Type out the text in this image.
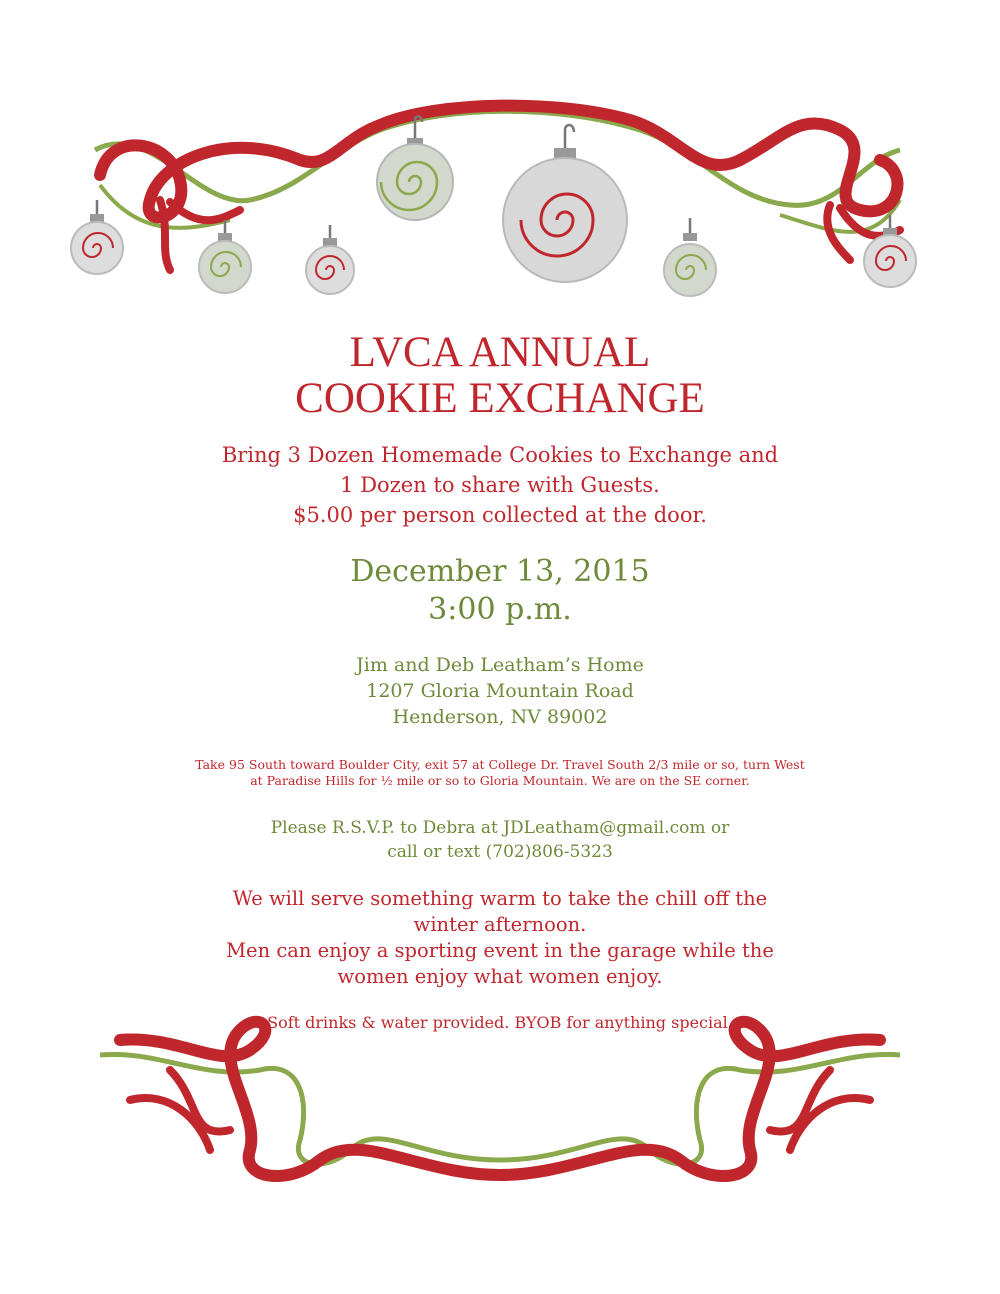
LVCA ANNUAL
COOKIE EXCHANGE
Bring 3 Dozen Homemade Cookies to Exchange and
1 Dozen to share with Guests.
$5.00 per person collected at the door.
December 13, 2015
3:00 p.m.
Jim and Deb Leatham’s Home
1207 Gloria Mountain Road
Henderson, NV 89002
Take 95 South toward Boulder City, exit 57 at College Dr. Travel South 2/3 mile or so, turn West
at Paradise Hills for ½ mile or so to Gloria Mountain. We are on the SE corner.
Please R.S.V.P. to Debra at JDLeatham@gmail.com or
call or text (702)806-5323
We will serve something warm to take the chill off the
winter afternoon.
Men can enjoy a sporting event in the garage while the
women enjoy what women enjoy.
Soft drinks & water provided. BYOB for anything special.
